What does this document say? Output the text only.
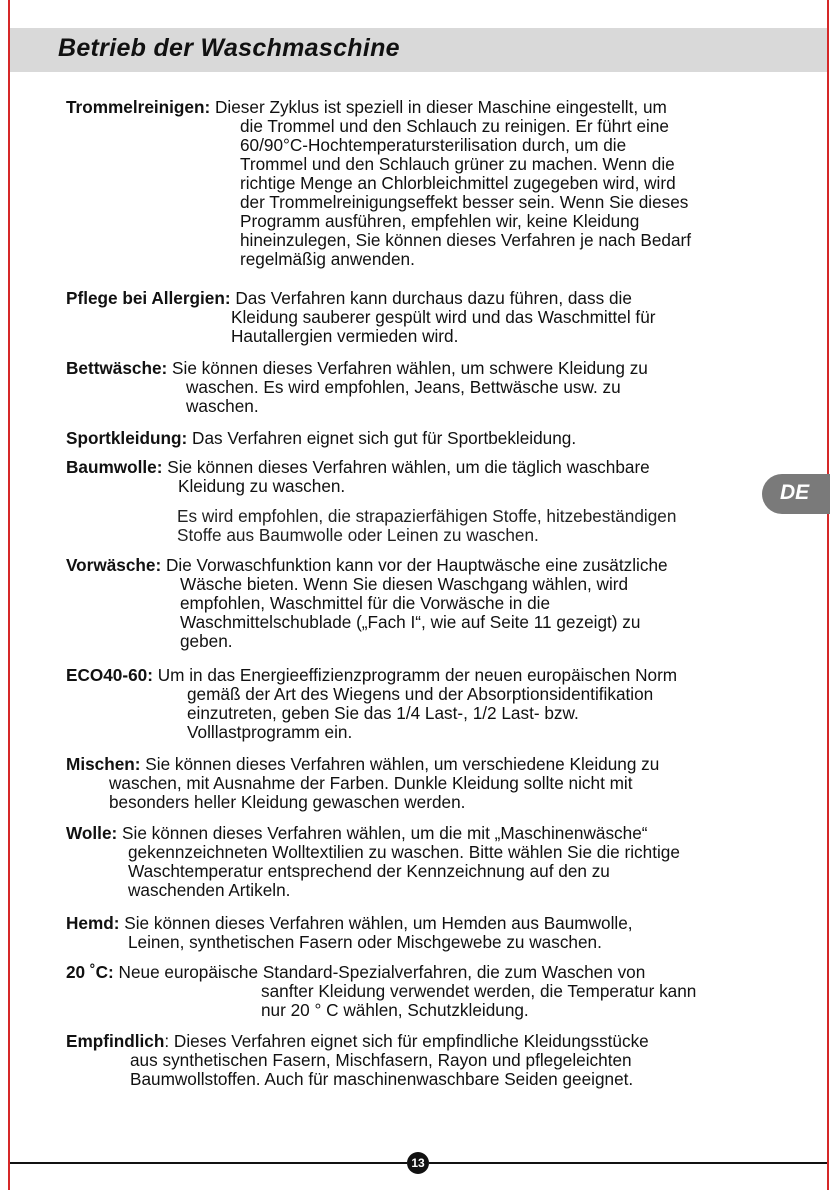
Betrieb der Waschmaschine
DE
Trommelreinigen: Dieser Zyklus ist speziell in dieser Maschine eingestellt, um
die Trommel und den Schlauch zu reinigen. Er führt eine
60/90°C-Hochtemperatursterilisation durch, um die
Trommel und den Schlauch grüner zu machen. Wenn die
richtige Menge an Chlorbleichmittel zugegeben wird, wird
der Trommelreinigungseffekt besser sein. Wenn Sie dieses
Programm ausführen, empfehlen wir, keine Kleidung
hineinzulegen, Sie können dieses Verfahren je nach Bedarf
regelmäßig anwenden.
Pflege bei Allergien: Das Verfahren kann durchaus dazu führen, dass die
Kleidung sauberer gespült wird und das Waschmittel für
Hautallergien vermieden wird.
Bettwäsche: Sie können dieses Verfahren wählen, um schwere Kleidung zu
waschen. Es wird empfohlen, Jeans, Bettwäsche usw. zu
waschen.
Sportkleidung: Das Verfahren eignet sich gut für Sportbekleidung.
Baumwolle: Sie können dieses Verfahren wählen, um die täglich waschbare
Kleidung zu waschen.
Vorwäsche: Die Vorwaschfunktion kann vor der Hauptwäsche eine zusätzliche
Wäsche bieten. Wenn Sie diesen Waschgang wählen, wird
empfohlen, Waschmittel für die Vorwäsche in die
Waschmittelschublade („Fach I“, wie auf Seite 11 gezeigt) zu
geben.
ECO40-60: Um in das Energieeffizienzprogramm der neuen europäischen Norm
gemäß der Art des Wiegens und der Absorptionsidentifikation
einzutreten, geben Sie das 1/4 Last-, 1/2 Last- bzw.
Volllastprogramm ein.
Mischen: Sie können dieses Verfahren wählen, um verschiedene Kleidung zu
waschen, mit Ausnahme der Farben. Dunkle Kleidung sollte nicht mit
besonders heller Kleidung gewaschen werden.
Wolle: Sie können dieses Verfahren wählen, um die mit „Maschinenwäsche“
gekennzeichneten Wolltextilien zu waschen. Bitte wählen Sie die richtige
Waschtemperatur entsprechend der Kennzeichnung auf den zu
waschenden Artikeln.
Hemd: Sie können dieses Verfahren wählen, um Hemden aus Baumwolle,
Leinen, synthetischen Fasern oder Mischgewebe zu waschen.
20 ˚C: Neue europäische Standard-Spezialverfahren, die zum Waschen von
sanfter Kleidung verwendet werden, die Temperatur kann
nur 20 ° C wählen, Schutzkleidung.
Empfindlich: Dieses Verfahren eignet sich für empfindliche Kleidungsstücke
aus synthetischen Fasern, Mischfasern, Rayon und pflegeleichten
Baumwollstoffen. Auch für maschinenwaschbare Seiden geeignet.
Es wird empfohlen, die strapazierfähigen Stoffe, hitzebeständigen
Stoffe aus Baumwolle oder Leinen zu waschen.
13
